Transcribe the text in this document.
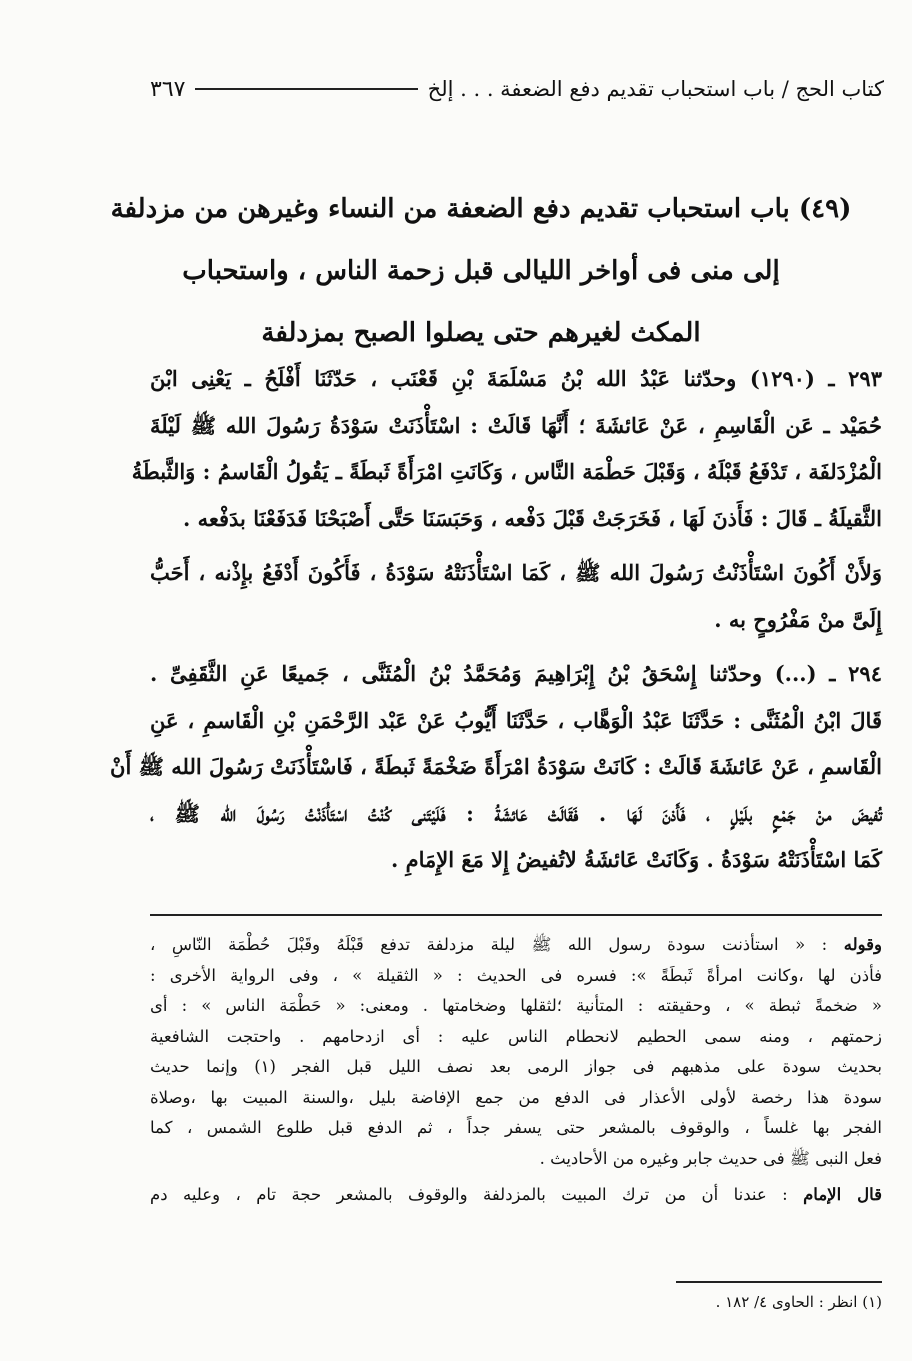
كتاب الحج / باب استحباب تقديم دفع الضعفة . . . إلخ
٣٦٧
(٤٩) باب استحباب تقديم دفع الضعفة من النساء وغيرهن من مزدلفة
إلى منى فى أواخر الليالى قبل زحمة الناس ، واستحباب
المكث لغيرهم حتى يصلوا الصبح بمزدلفة

٢٩٣ ـ (١٢٩٠) وحدّثنا عَبْدُ الله بْنُ مَسْلَمَةَ بْنِ قَعْنَب ، حَدّثَنَا أَفْلَحُ ـ يَعْنِى ابْنَ
حُمَيْد ـ عَن الْقَاسِمِ ، عَنْ عَائشَةَ ؛ أَنَّهَا قَالَتْ : اسْتَأْذَنَتْ سَوْدَةُ رَسُولَ الله ﷺ لَيْلَةَ
الْمُزْدَلفَة ، تَدْفَعُ قَبْلَهُ ، وَقَبْلَ حَطْمَة النَّاس ، وَكَانَتِ امْرَأَةً ثَبطَةً ـ يَقُولُ الْقَاسمُ : وَالثَّبطَةُ
الثَّقيلَةُ ـ قَالَ : فَأَذنَ لَهَا ، فَخَرَجَتْ قَبْلَ دَفْعه ، وَحَبَسَنَا حَتَّى أَصْبَحْنَا فَدَفَعْنَا بدَفْعه .

وَلأَنْ أَكُونَ اسْتَأْذَنْتُ رَسُولَ الله ﷺ ، كَمَا اسْتَأْذَنَتْهُ سَوْدَةُ ، فَأَكُونَ أَدْفَعُ بإِذْنه ، أَحَبُّ
إِلَىَّ منْ مَفْرُوحٍ به .

٢٩٤ ـ (...) وحدّثنا إِسْحَقُ بْنُ إِبْرَاهِيمَ وَمُحَمَّدُ بْنُ الْمُثَنَّى ، جَميعًا عَنِ الثَّقَفِىِّ .
قَالَ ابْنُ الْمُثَنَّى : حَدَّثَنَا عَبْدُ الْوَهَّاب ، حَدَّثَنَا أَيُّوبُ عَنْ عَبْد الرَّحْمَنِ بْنِ الْقَاسمِ ، عَنِ
الْقَاسمِ ، عَنْ عَائشَةَ قَالَتْ : كَانَتْ سَوْدَةُ امْرَأَةً ضَخْمَةً ثَبطَةً ، فَاسْتَأْذَنَتْ رَسُولَ الله ﷺ أَنْ
تُفيضَ منْ جَمْعٍ بلَيْلٍ ، فَأَذنَ لَهَا . فَقَالَتْ عَائشَةُ : فَلَيْتَنى كُنْتُ اسْتَأْذَنْتُ رَسُولَ الله ﷺ ،
كَمَا اسْتَأْذَنَتْهُ سَوْدَةُ . وَكَانَتْ عَائشَةُ لاتُفيضُ إِلا مَعَ الإِمَامِ .

وقوله : « استأذنت سودة رسول الله ﷺ ليلة مزدلفة تدفع قَبْلَهُ وقَبْلَ حُطْمَة النّاسِ ،
فأذن لها ،وكانت امرأةً ثَبطَةً »: فسره فى الحديث : « الثقيلة » ، وفى الرواية الأخرى :
« ضخمةً ثبطة » ، وحقيقته : المتأنية ؛لثقلها وضخامتها . ومعنى: « حَطْمَة الناس » : أى
زحمتهم ، ومنه سمى الحطيم لانحطام الناس عليه : أى ازدحامهم . واحتجت الشافعية
بحديث سودة على مذهبهم فى جواز الرمى بعد نصف الليل قبل الفجر (١) وإنما حديث
سودة هذا رخصة لأولى الأعذار فى الدفع من جمع الإفاضة بليل ،والسنة المبيت بها ،وصلاة
الفجر بها غلساً ، والوقوف بالمشعر حتى يسفر جداً ، ثم الدفع قبل طلوع الشمس ، كما
فعل النبى ﷺ فى حديث جابر وغيره من الأحاديث .

قال الإمام : عندنا أن من ترك المبيت بالمزدلفة والوقوف بالمشعر حجة تام ، وعليه دم

(١) انظر : الحاوى ٤/ ١٨٢ .
